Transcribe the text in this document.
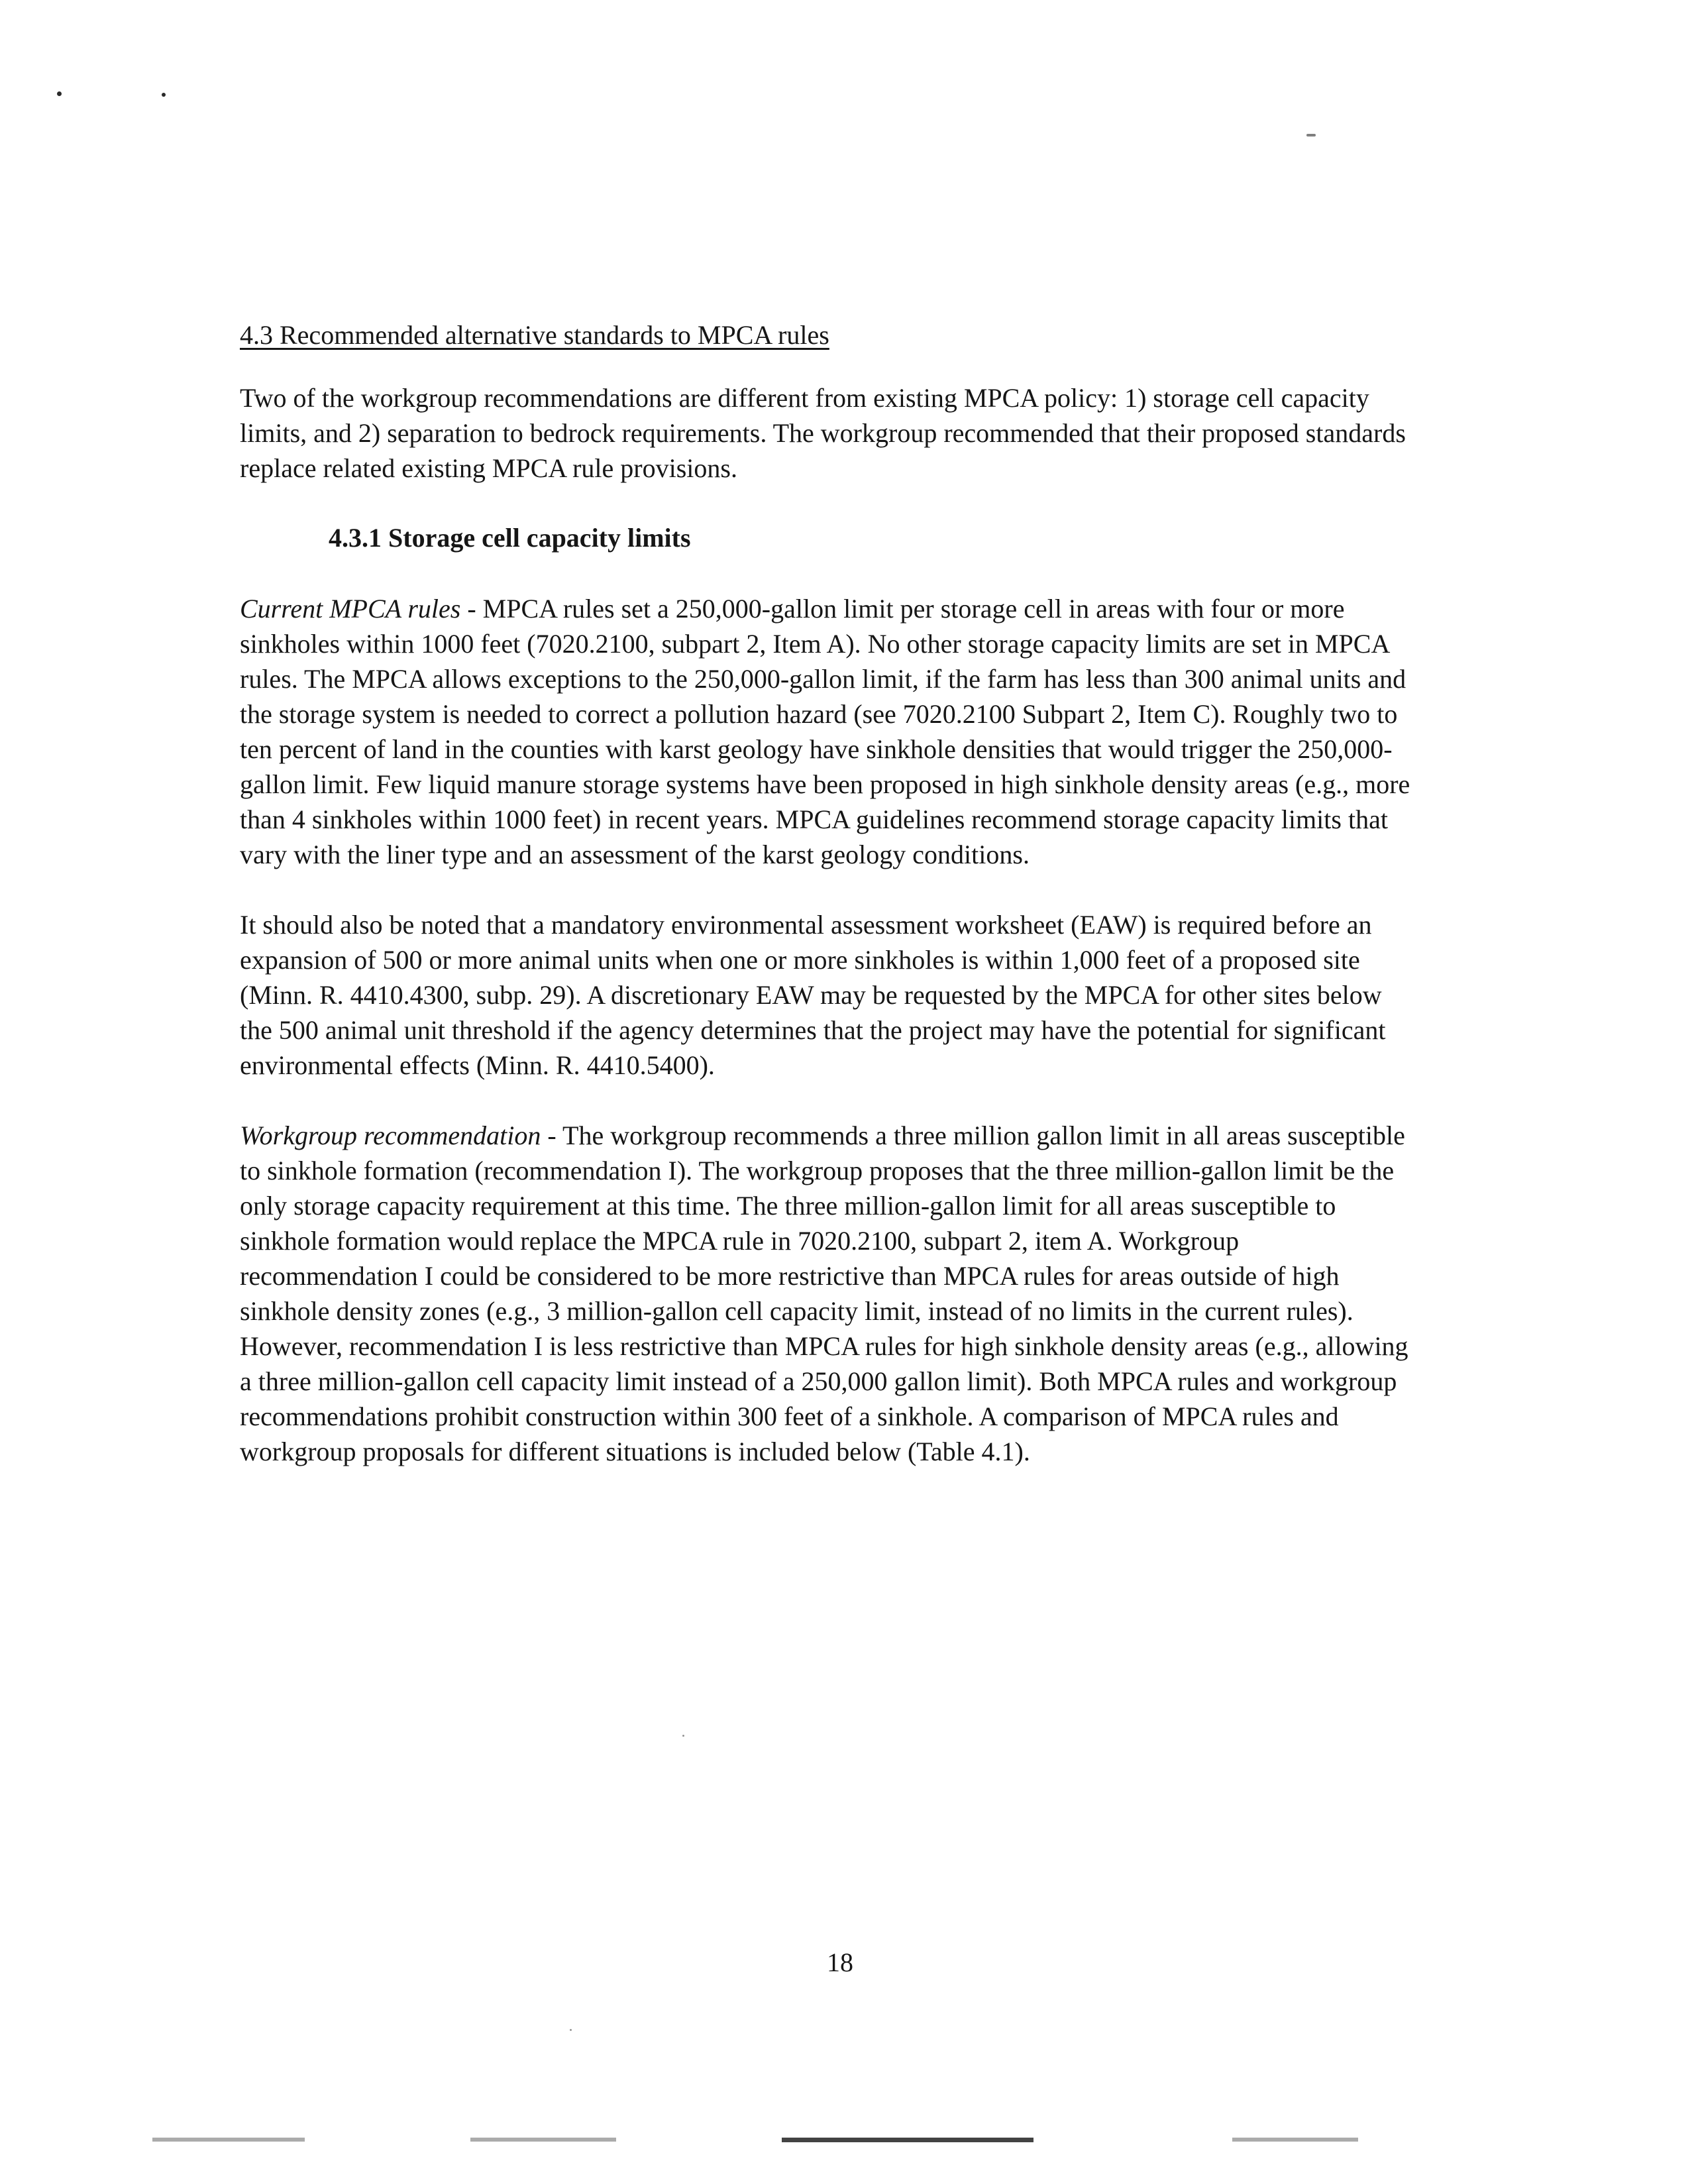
4.3 Recommended alternative standards to MPCA rules

Two of the workgroup recommendations are different from existing MPCA policy: 1) storage cell capacity limits, and 2) separation to bedrock requirements. The workgroup recommended that their proposed standards replace related existing MPCA rule provisions.

4.3.1 Storage cell capacity limits

Current MPCA rules - MPCA rules set a 250,000-gallon limit per storage cell in areas with four or more sinkholes within 1000 feet (7020.2100, subpart 2, Item A). No other storage capacity limits are set in MPCA rules. The MPCA allows exceptions to the 250,000-gallon limit, if the farm has less than 300 animal units and the storage system is needed to correct a pollution hazard (see 7020.2100 Subpart 2, Item C). Roughly two to ten percent of land in the counties with karst geology have sinkhole densities that would trigger the 250,000-gallon limit. Few liquid manure storage systems have been proposed in high sinkhole density areas (e.g., more than 4 sinkholes within 1000 feet) in recent years. MPCA guidelines recommend storage capacity limits that vary with the liner type and an assessment of the karst geology conditions.

It should also be noted that a mandatory environmental assessment worksheet (EAW) is required before an expansion of 500 or more animal units when one or more sinkholes is within 1,000 feet of a proposed site (Minn. R. 4410.4300, subp. 29). A discretionary EAW may be requested by the MPCA for other sites below the 500 animal unit threshold if the agency determines that the project may have the potential for significant environmental effects (Minn. R. 4410.5400).

Workgroup recommendation - The workgroup recommends a three million gallon limit in all areas susceptible to sinkhole formation (recommendation I). The workgroup proposes that the three million-gallon limit be the only storage capacity requirement at this time. The three million-gallon limit for all areas susceptible to sinkhole formation would replace the MPCA rule in 7020.2100, subpart 2, item A. Workgroup recommendation I could be considered to be more restrictive than MPCA rules for areas outside of high sinkhole density zones (e.g., 3 million-gallon cell capacity limit, instead of no limits in the current rules). However, recommendation I is less restrictive than MPCA rules for high sinkhole density areas (e.g., allowing a three million-gallon cell capacity limit instead of a 250,000 gallon limit). Both MPCA rules and workgroup recommendations prohibit construction within 300 feet of a sinkhole. A comparison of MPCA rules and workgroup proposals for different situations is included below (Table 4.1).

18
